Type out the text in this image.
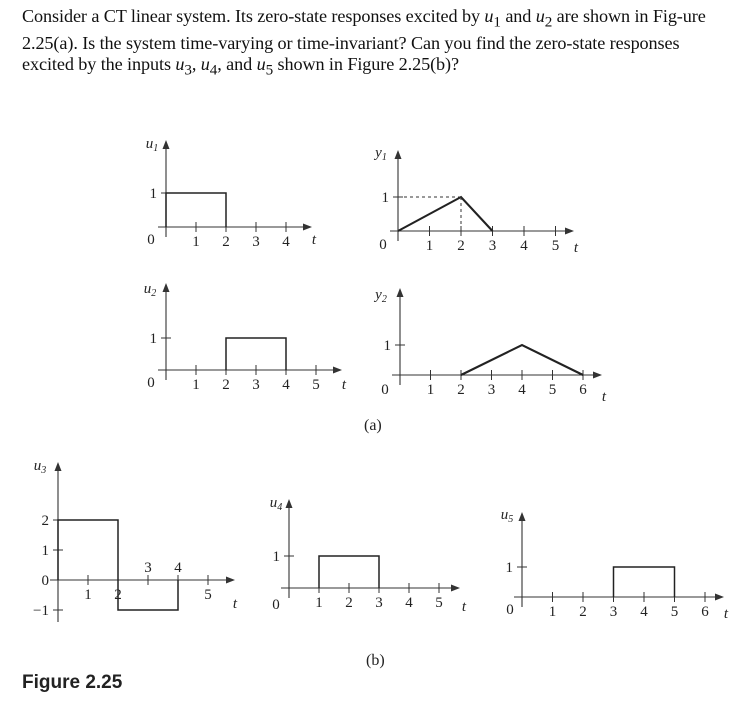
Consider a CT linear system. Its zero-state responses excited by $u_1$ and $u_2$ are shown in Fig-ure 2.25(a). Is the system time-varying or time-invariant? Can you find the zero-state responses excited by the inputs $u_3$, $u_4$, and $u_5$ shown in Figure 2.25(b)?
$u_1$
t
0	1 2 3 4
1
$y_1$
t
0	1 2 3 4 5
1
$u_2$
t
0	1 2 3 4 5
1
$y_2$
t
0	1 2 3 4 5 6
1
$u_3$
t
1 2	5
2
1
0
−1
3 4
$u_4$
t
0 1 2 3 4 5
1
$u_5$
t
0 1 2 3 4 5 6
1
(a)
(b)
Figure 2.25
